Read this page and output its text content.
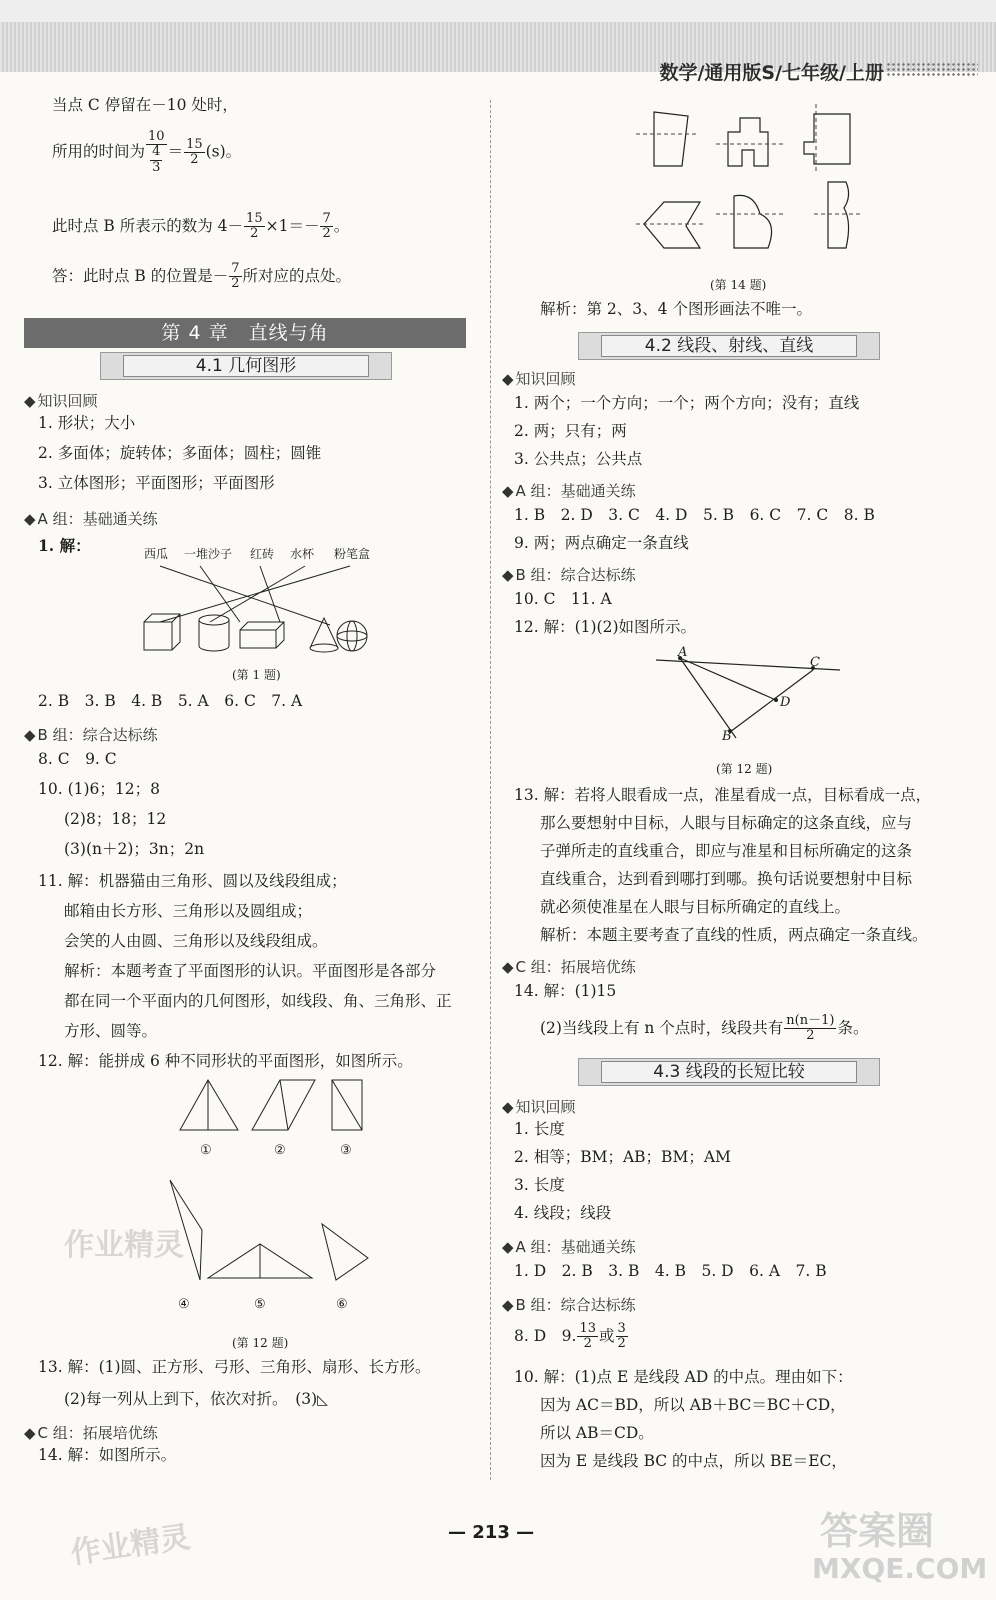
数学/通用版S/七年级/上册
当点 C 停留在－10 处时，
所用的时间为 $\frac{10}{\frac{4}{3}} = \frac{15}{2} (s)$。
此时点 B 所表示的数为 $4- \frac{15}{2} \times 1=- \frac{7}{2}$ 。
答：此时点 B 的位置是－ $\frac{7}{2}$ 所对应的点处。
第 4 章　直线与角
4.1 几何图形
◆ 知识回顾
1. 形状；大小
2. 多面体；旋转体；多面体；圆柱；圆锥
3. 立体图形；平面图形；平面图形
◆ A 组：基础通关练
1. 解：	西瓜 一堆沙子 红砖 水杯 粉笔盒
(第 1 题)
2. B　3. B　4. B　5. A　6. C　7. A
◆ B 组：综合达标练
8. C　9. C
10. (1)6；12；8
(2)8；18；12
(3)(n＋2)；3n；2n
11. 解：机器猫由三角形、圆以及线段组成；
邮箱由长方形、三角形以及圆组成；
会笑的人由圆、三角形以及线段组成。
解析：本题考查了平面图形的认识。平面图形是各部分
都在同一个平面内的几何图形，如线段、角、三角形、正
方形、圆等。
12. 解：能拼成 6 种不同形状的平面图形，如图所示。
①	②	③
④	⑤	⑥
(第 12 题)
13. 解：(1)圆、正方形、弓形、三角形、扇形、长方形。
(2)每一列从上到下，依次对折。　(3)◺
◆ C 组：拓展培优练
14. 解：如图所示。
(第 14 题)
解析：第 2、3、4 个图形画法不唯一。
4.2 线段、射线、直线
◆ 知识回顾
1. 两个；一个方向；一个；两个方向；没有；直线
2. 两；只有；两
3. 公共点；公共点
◆ A 组：基础通关练
1. B　2. D　3. C　4. D　5. B　6. C　7. C　8. B
9. 两；两点确定一条直线
◆ B 组：综合达标练
10. C　11. A
12. 解：(1)(2)如图所示。
A
C
D
B
(第 12 题)
13. 解：若将人眼看成一点，准星看成一点，目标看成一点，
那么要想射中目标，人眼与目标确定的这条直线，应与
子弹所走的直线重合，即应与准星和目标所确定的这条
直线重合，达到看到哪打到哪。换句话说要想射中目标
就必须使准星在人眼与目标所确定的直线上。
解析：本题主要考查了直线的性质，两点确定一条直线。
◆ C 组：拓展培优练
14. 解：(1)15
(2)当线段上有 n 个点时，线段共有 $\frac{n(n-1)}{2}$ 条。
4.3 线段的长短比较
◆ 知识回顾
1. 长度
2. 相等；BM；AB；BM；AM
3. 长度
4. 线段；线段
◆ A 组：基础通关练
1. D　2. B　3. B　4. B　5. D　6. A　7. B
◆ B 组：综合达标练
8. D　9. $\frac{13}{2}$ 或 $\frac{3}{2}$
10. 解：(1)点 E 是线段 AD 的中点。理由如下：
因为 AC＝BD，所以 AB＋BC＝BC＋CD，
所以 AB＝CD。
因为 E 是线段 BC 的中点，所以 BE＝EC，
— 213 —
作业精灵
作业精灵	答案圈
MXQE.COM
